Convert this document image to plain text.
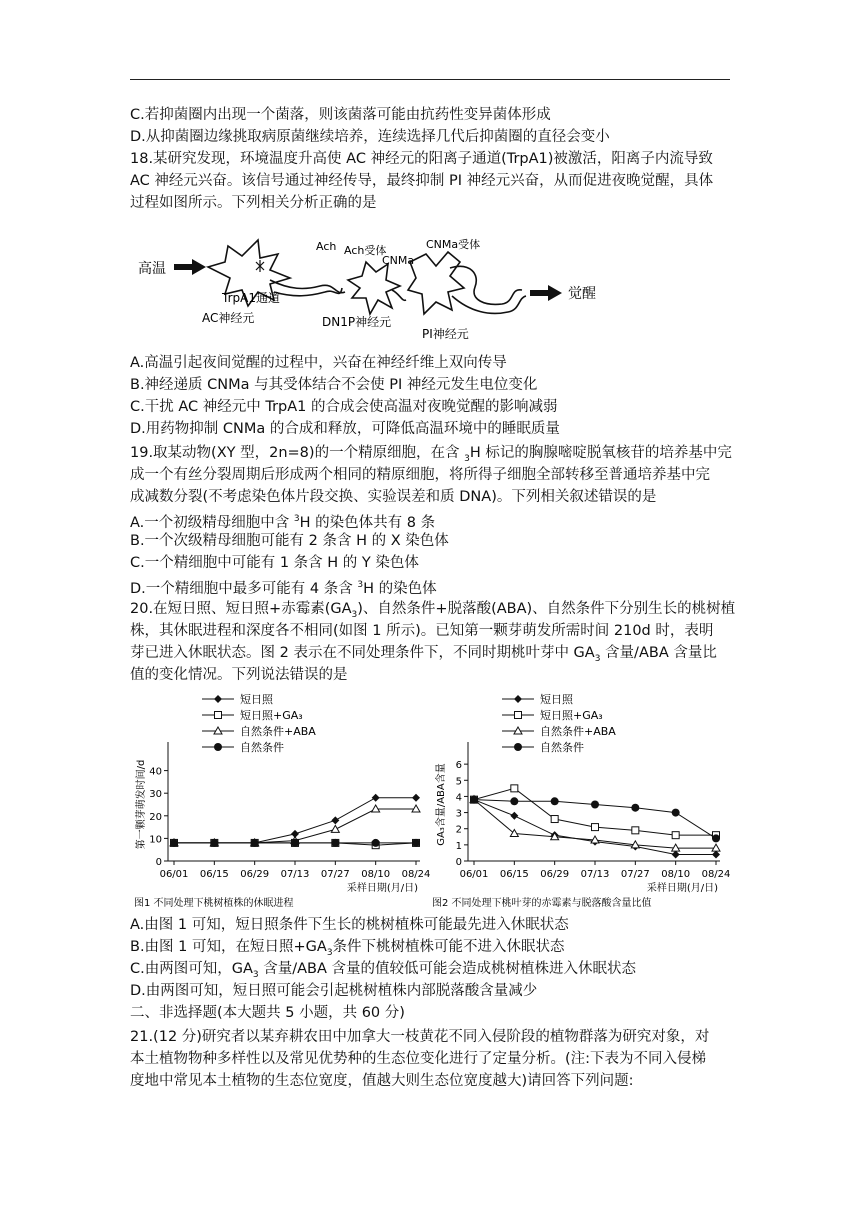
C.若抑菌圈内出现一个菌落，则该菌落可能由抗药性变异菌体形成
D.从抑菌圈边缘挑取病原菌继续培养，连续选择几代后抑菌圈的直径会变小
18.某研究发现，环境温度升高使 AC 神经元的阳离子通道(TrpA1)被激活，阳离子内流导致
AC 神经元兴奋。该信号通过神经传导，最终抑制 PI 神经元兴奋，从而促进夜晚觉醒，具体
过程如图所示。下列相关分析正确的是
高温
TrpA1通道
AC神经元
Ach Ach受体
CNMa
CNMa受体
DN1P神经元
PI神经元
觉醒
A.高温引起夜间觉醒的过程中，兴奋在神经纤维上双向传导
B.神经递质 CNMa 与其受体结合不会使 PI 神经元发生电位变化
C.干扰 AC 神经元中 TrpA1 的合成会使高温对夜晚觉醒的影响减弱
D.用药物抑制 CNMa 的合成和释放，可降低高温环境中的睡眠质量
19.取某动物(XY 型，2n=8)的一个精原细胞，在含 $_3$H 标记的胸腺嘧啶脱氧核苷的培养基中完
成一个有丝分裂周期后形成两个相同的精原细胞，将所得子细胞全部转移至普通培养基中完
成减数分裂(不考虑染色体片段交换、实验误差和质 DNA)。下列相关叙述错误的是
A.一个初级精母细胞中含 $^3$H 的染色体共有 8 条
B.一个次级精母细胞可能有 2 条含 H 的 X 染色体
C.一个精细胞中可能有 1 条含 H 的 Y 染色体
D.一个精细胞中最多可能有 4 条含 $^3$H 的染色体
20.在短日照、短日照+赤霉素$(GA_3)$、自然条件+脱落酸(ABA)、自然条件下分别生长的桃树植
株，其休眠进程和深度各不相同(如图 1 所示)。已知第一颗芽萌发所需时间 210d 时，表明
芽已进入休眠状态。图 2 表示在不同处理条件下，不同时期桃叶芽中 $GA_3$ 含量/ABA 含量比
值的变化情况。下列说法错误的是
短日照
短日照+GA₃
自然条件+ABA
自然条件
0
10
20
30
40
06/01 06/15 06/29 07/13 07/27 08/10 08/24
采样日期(月/日)
第一颗芽萌发时间/d
图1 不同处理下桃树植株的休眠进程
短日照
短日照+GA₃
自然条件+ABA
自然条件
0
1
2
3
4
5
6
06/01 06/15 06/29 07/13 07/27 08/10 08/24
采样日期(月/日)
GA₃含量/ABA含量
图2 不同处理下桃叶芽的赤霉素与脱落酸含量比值
A.由图 1 可知，短日照条件下生长的桃树植株可能最先进入休眠状态
B.由图 1 可知，在短日照$+GA_3$条件下桃树植株可能不进入休眠状态
C.由两图可知，$GA_3$ 含量/ABA 含量的值较低可能会造成桃树植株进入休眠状态
D.由两图可知，短日照可能会引起桃树植株内部脱落酸含量减少
二、非选择题(本大题共 5 小题，共 60 分)
21.(12 分)研究者以某弃耕农田中加拿大一枝黄花不同入侵阶段的植物群落为研究对象，对
本土植物物种多样性以及常见优势种的生态位变化进行了定量分析。(注:下表为不同入侵梯
度地中常见本土植物的生态位宽度，值越大则生态位宽度越大)请回答下列问题:
